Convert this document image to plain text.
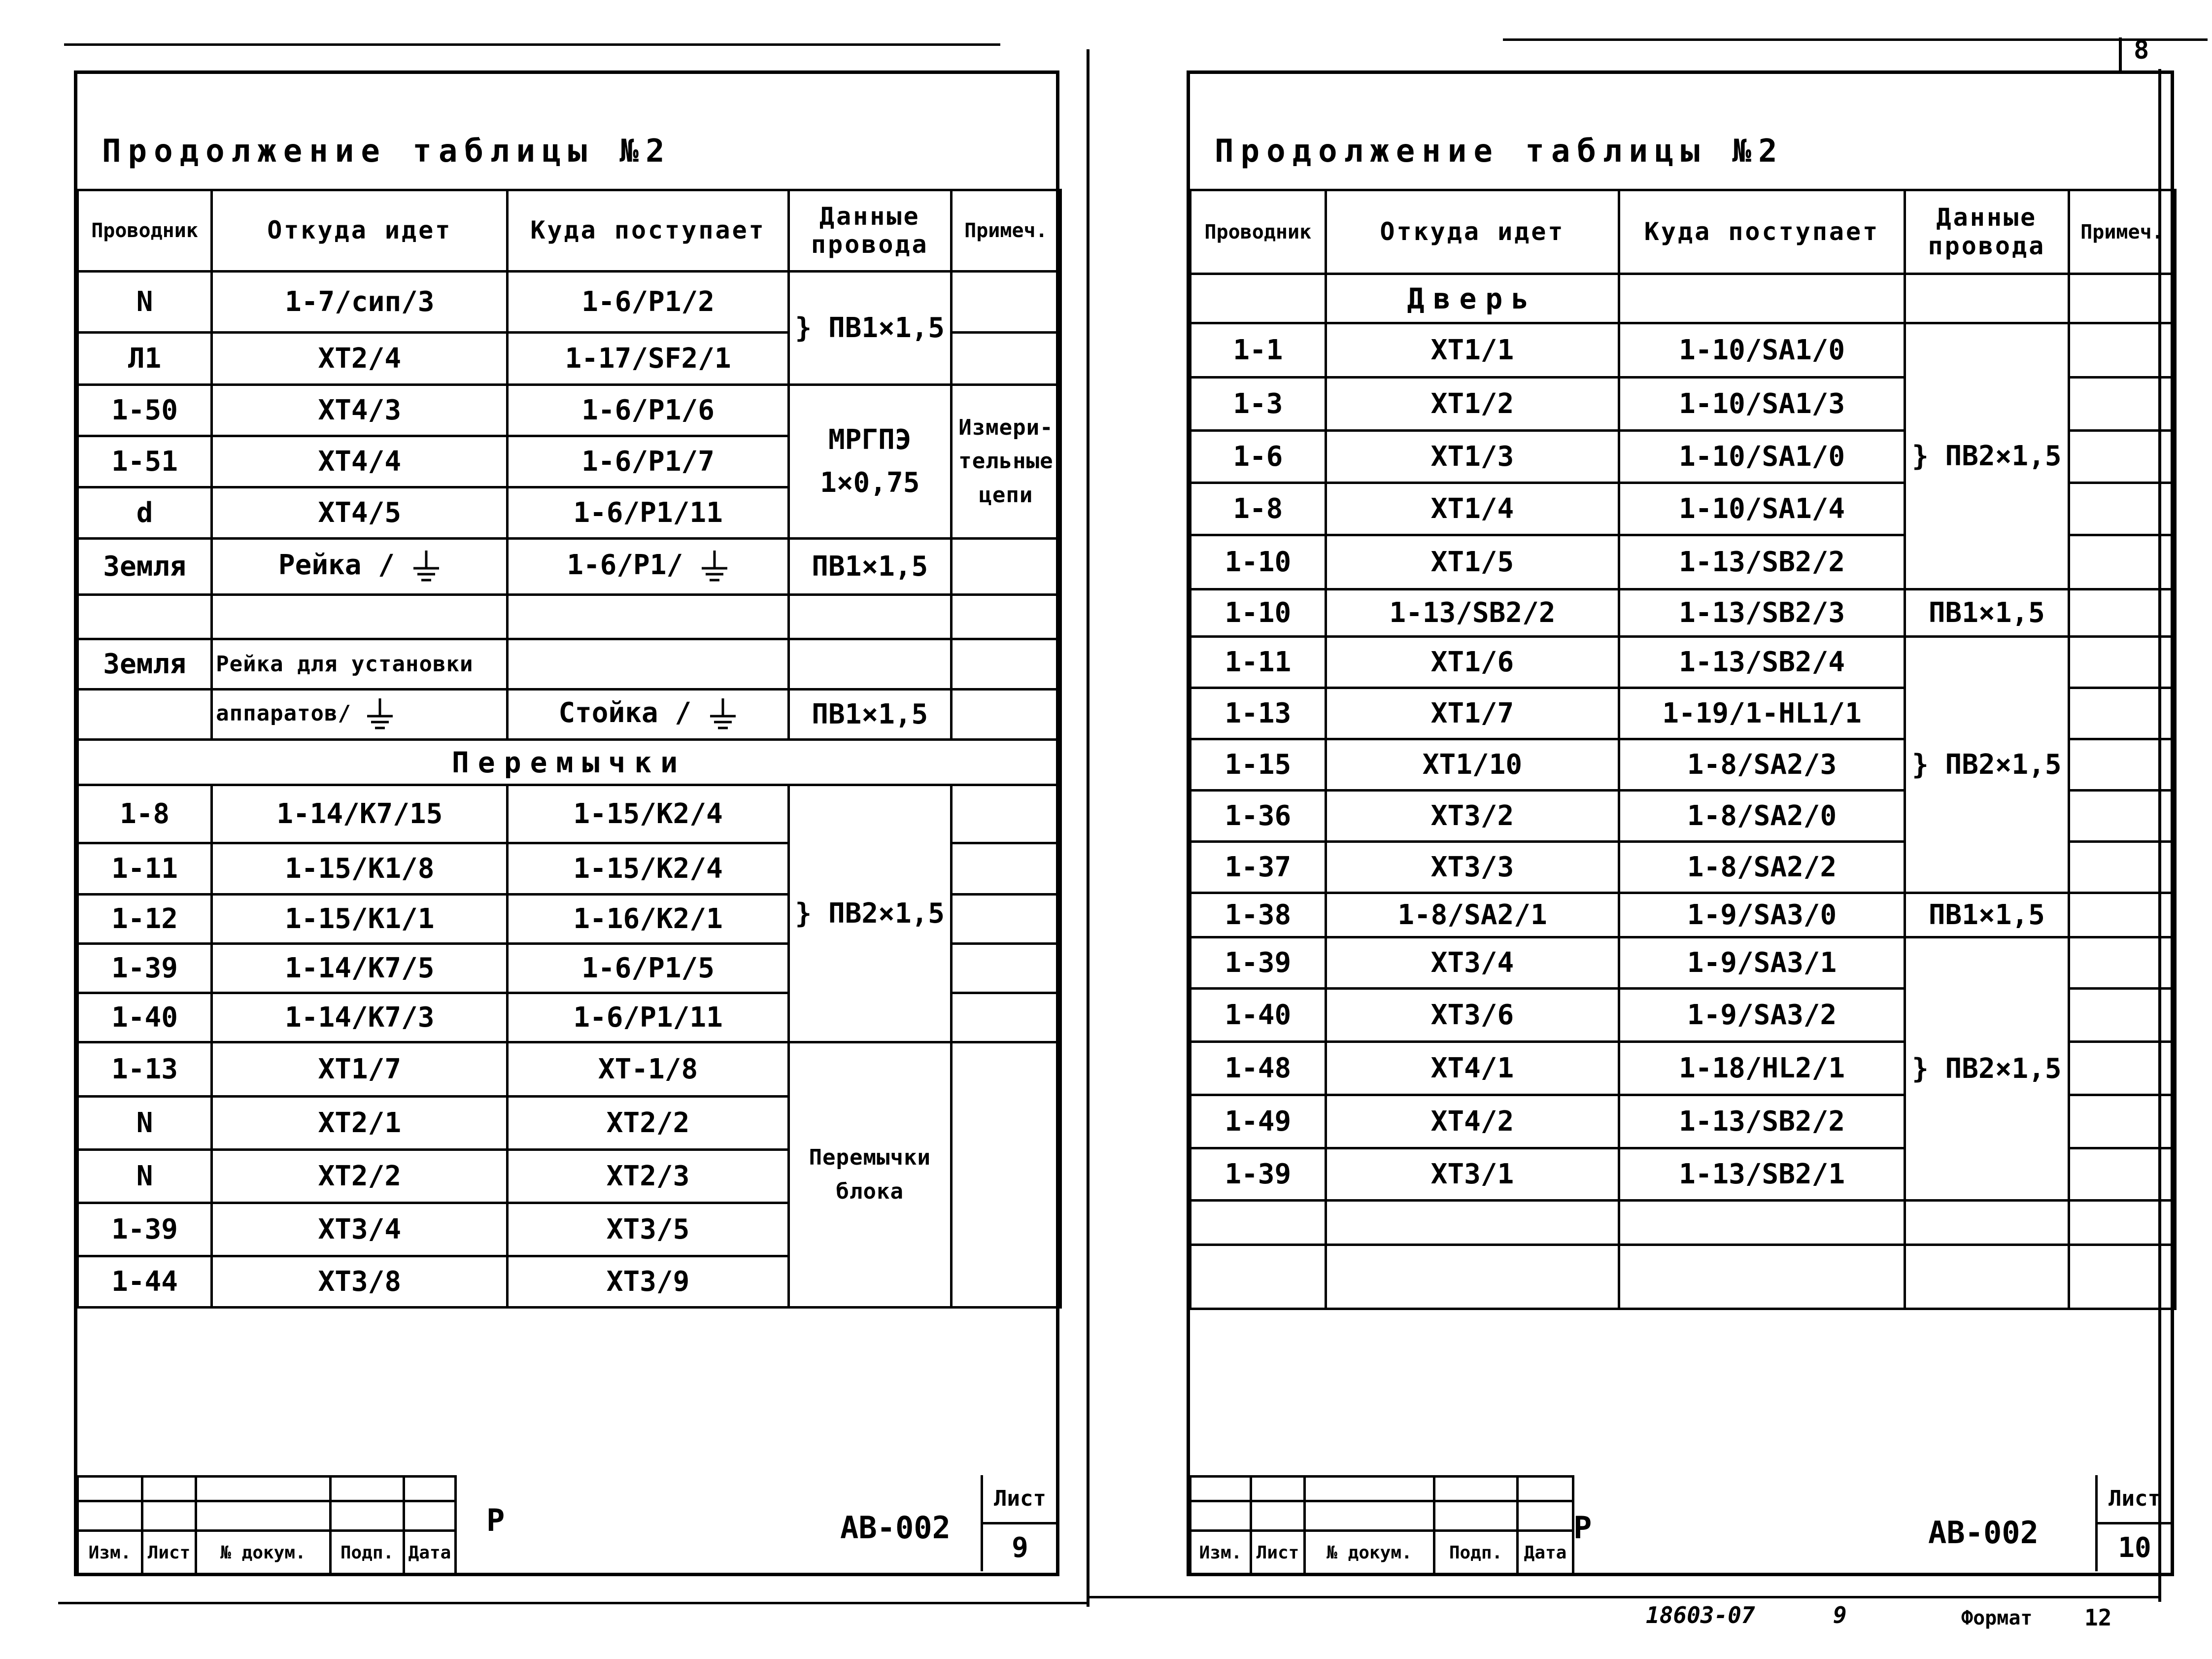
Продолжение таблицы №2
Проводник	Откуда идет	Куда поступает	Данные провода	Примеч.
N	1-7/сип/3	1-6/Р1/2	} ПВ1×1,5	
Л1	ХТ2/4	1-17/SF2/1		
1-50	ХТ4/3	1-6/Р1/6	МРГПЭ 1×0,75	Измери- тельные цепи
1-51	ХТ4/4	1-6/Р1/7		
d	ХТ4/5	1-6/Р1/11		
Земля	Рейка /	1-6/Р1/	ПВ1×1,5	

Земля	Рейка для установки			
	аппаратов/	Стойка /	ПВ1×1,5	
Перемычки				
1-8	1-14/К7/15	1-15/К2/4	} ПВ2×1,5	
1-11	1-15/К1/8	1-15/К2/4		
1-12	1-15/К1/1	1-16/К2/1		
1-39	1-14/К7/5	1-6/Р1/5		
1-40	1-14/К7/3	1-6/Р1/11		
1-13	ХТ1/7	ХТ-1/8	Перемычки блока	
N	ХТ2/1	ХТ2/2		
N	ХТ2/2	ХТ2/3		
1-39	ХТ3/4	ХТ3/5		
1-44	ХТ3/8	ХТ3/9		

Изм.	Лист	№ докум.	Подп.	Дата
Р	АВ-002
Лист
9
8
Продолжение таблицы №2
Проводник	Откуда идет	Куда поступает	Данные провода	Примеч.
	Дверь			
1-1	ХТ1/1	1-10/SA1/0	} ПВ2×1,5	
1-3	ХТ1/2	1-10/SA1/3		
1-6	ХТ1/3	1-10/SA1/0		
1-8	ХТ1/4	1-10/SA1/4		
1-10	ХТ1/5	1-13/SB2/2		
1-10	1-13/SB2/2	1-13/SB2/3	ПВ1×1,5	
1-11	ХТ1/6	1-13/SB2/4	} ПВ2×1,5	
1-13	ХТ1/7	1-19/1-HL1/1		
1-15	ХТ1/10	1-8/SA2/3		
1-36	ХТ3/2	1-8/SA2/0		
1-37	ХТ3/3	1-8/SA2/2		
1-38	1-8/SA2/1	1-9/SA3/0	ПВ1×1,5	
1-39	ХТ3/4	1-9/SA3/1	} ПВ2×1,5	
1-40	ХТ3/6	1-9/SA3/2		
1-48	ХТ4/1	1-18/HL2/1		
1-49	ХТ4/2	1-13/SB2/2		
1-39	ХТ3/1	1-13/SB2/1		

Изм.	Лист	№ докум.	Подп.	Дата
Р	АВ-002
Лист
10
18603-07	9	Формат 12
